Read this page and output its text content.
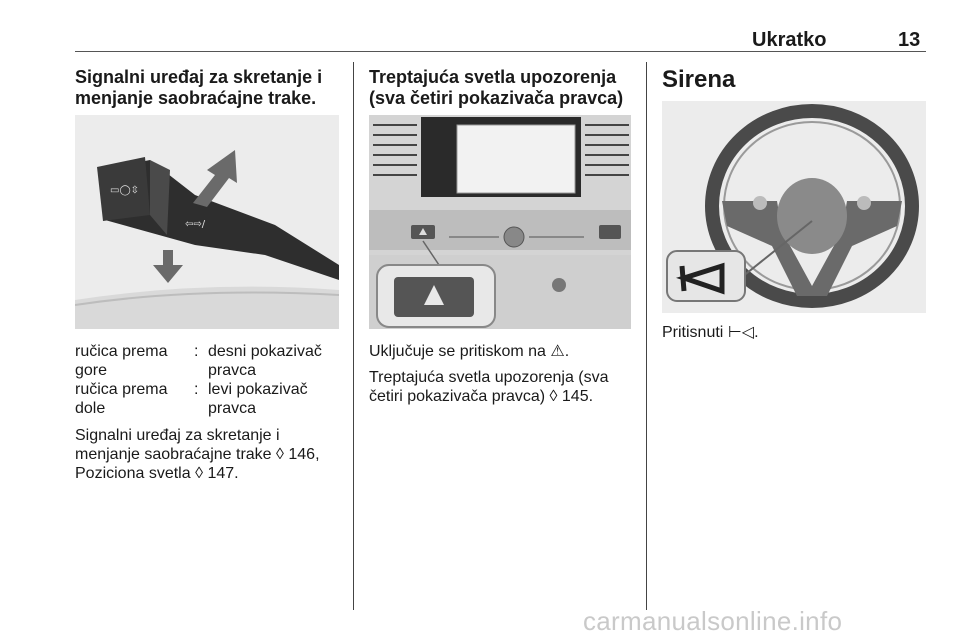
Ukratko	13
Signalni uređaj za skretanje i
menjanje saobraćajne trake.
▭◯⇳
⇦⇨/
ručica prema
gore
: desni pokazivač
pravca
ručica prema
dole
: levi pokazivač
pravca
Signalni uređaj za skretanje i
menjanje saobraćajne trake ◊ 146,
Poziciona svetla ◊ 147.
Treptajuća svetla upozorenja
(sva četiri pokazivača pravca)
Uključuje se pritiskom na ⚠.
Treptajuća svetla upozorenja (sva
četiri pokazivača pravca) ◊ 145.
Sirena
Pritisnuti ⊢◁.
carmanualsonline.info
